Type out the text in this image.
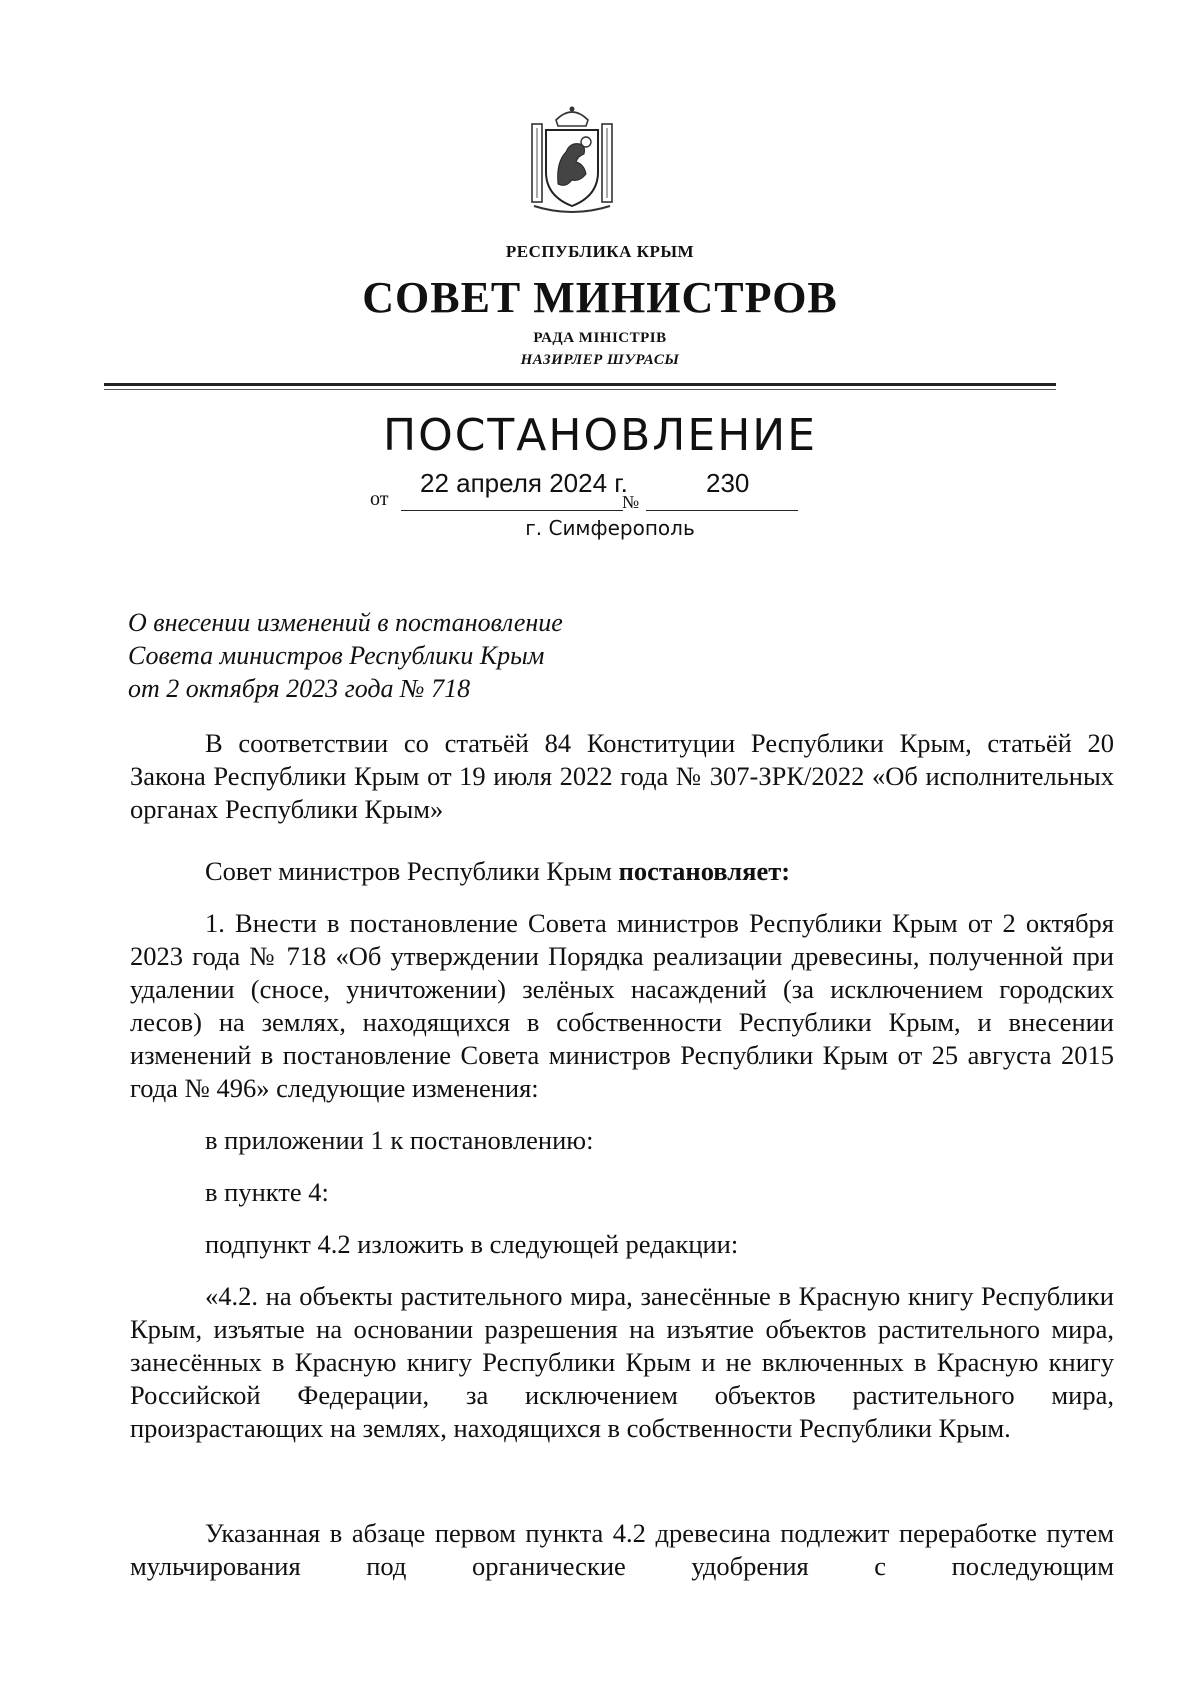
РЕСПУБЛИКА КРЫМ
СОВЕТ МИНИСТРОВ
РАДА МІНІСТРІВ
НАЗИРЛЕР ШУРАСЫ
ПОСТАНОВЛЕНИЕ
от
22 апреля 2024 г.
№
230
г. Симферополь
О внесении изменений в постановление
Совета министров Республики Крым
от 2 октября 2023 года № 718
В соответствии со статьёй 84 Конституции Республики Крым, статьёй 20 Закона Республики Крым от 19 июля 2022 года № 307-ЗРК/2022 «Об исполнительных органах Республики Крым»
Совет министров Республики Крым постановляет:
1. Внести в постановление Совета министров Республики Крым от 2 октября 2023 года № 718 «Об утверждении Порядка реализации древесины, полученной при удалении (сносе, уничтожении) зелёных насаждений (за исключением городских лесов) на землях, находящихся в собственности Республики Крым, и внесении изменений в постановление Совета министров Республики Крым от 25 августа 2015 года № 496» следующие изменения:
в приложении 1 к постановлению:
в пункте 4:
подпункт 4.2 изложить в следующей редакции:
«4.2. на объекты растительного мира, занесённые в Красную книгу Республики Крым, изъятые на основании разрешения на изъятие объектов растительного мира, занесённых в Красную книгу Республики Крым и не включенных в Красную книгу Российской Федерации, за исключением объектов растительного мира, произрастающих на землях, находящихся в собственности Республики Крым.
Указанная в абзаце первом пункта 4.2 древесина подлежит переработке путем мульчирования под органические удобрения с последующим
